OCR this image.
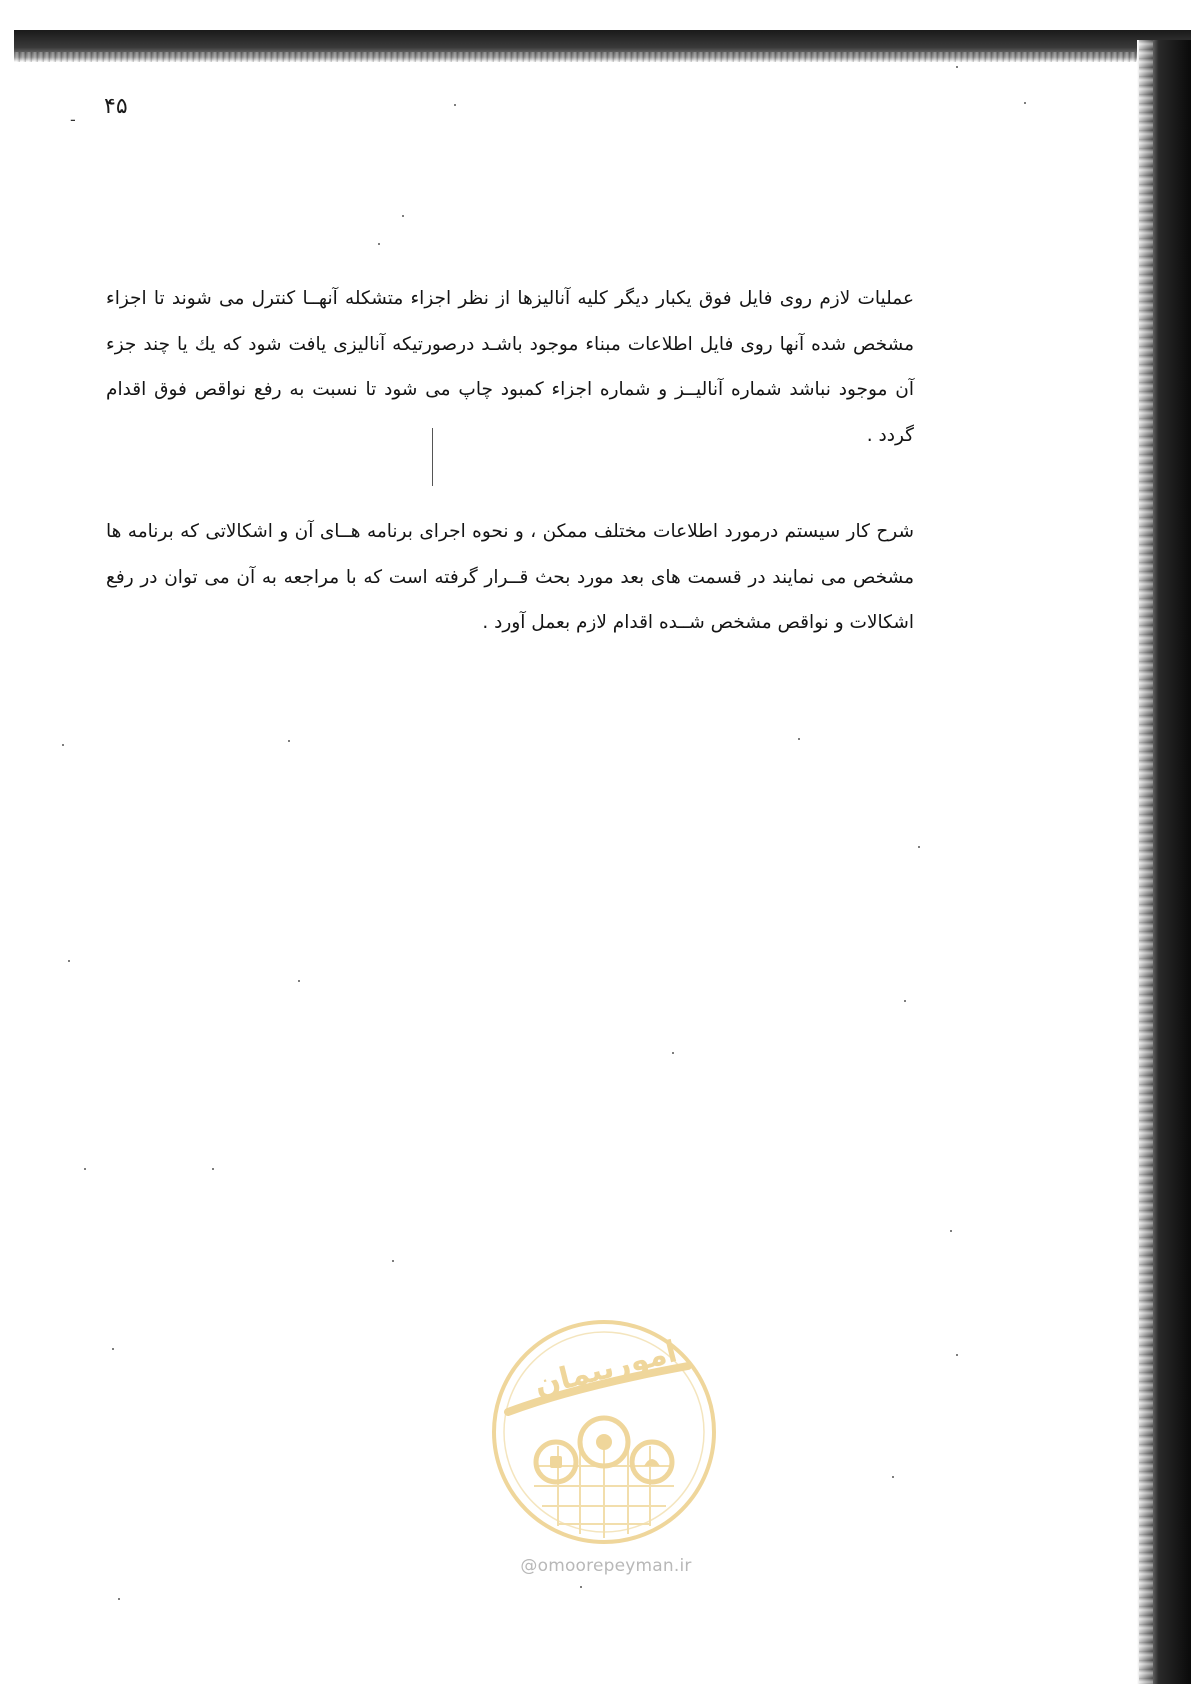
-
۴۵

عملیات لازم روی فایل فوق یکبار دیگر کلیه آنالیزها از نظر اجزاء متشکله آنهــا کنترل می شوند تا اجزاء مشخص شده آنها روی فایل اطلاعات مبناء موجود باشـد درصورتیکه آنالیزی یافت شود که یك یا چند جزء آن موجود نباشد شماره آنالیــز و شماره اجزاء کمبود چاپ می شود تا نسبت به رفع نواقص فوق اقدام گردد .

شرح کار سیستم درمورد اطلاعات مختلف ممکن ، و نحوه اجرای برنامه هــای آن و اشکالاتی که برنامه ها مشخص می نمایند در قسمت های بعد مورد بحث قــرار گرفته است که با مراجعه به آن می توان در رفع اشکالات و نواقص مشخص شــده اقدام لازم بعمل آورد .

امورپیمان
@omoorepeyman.ir
